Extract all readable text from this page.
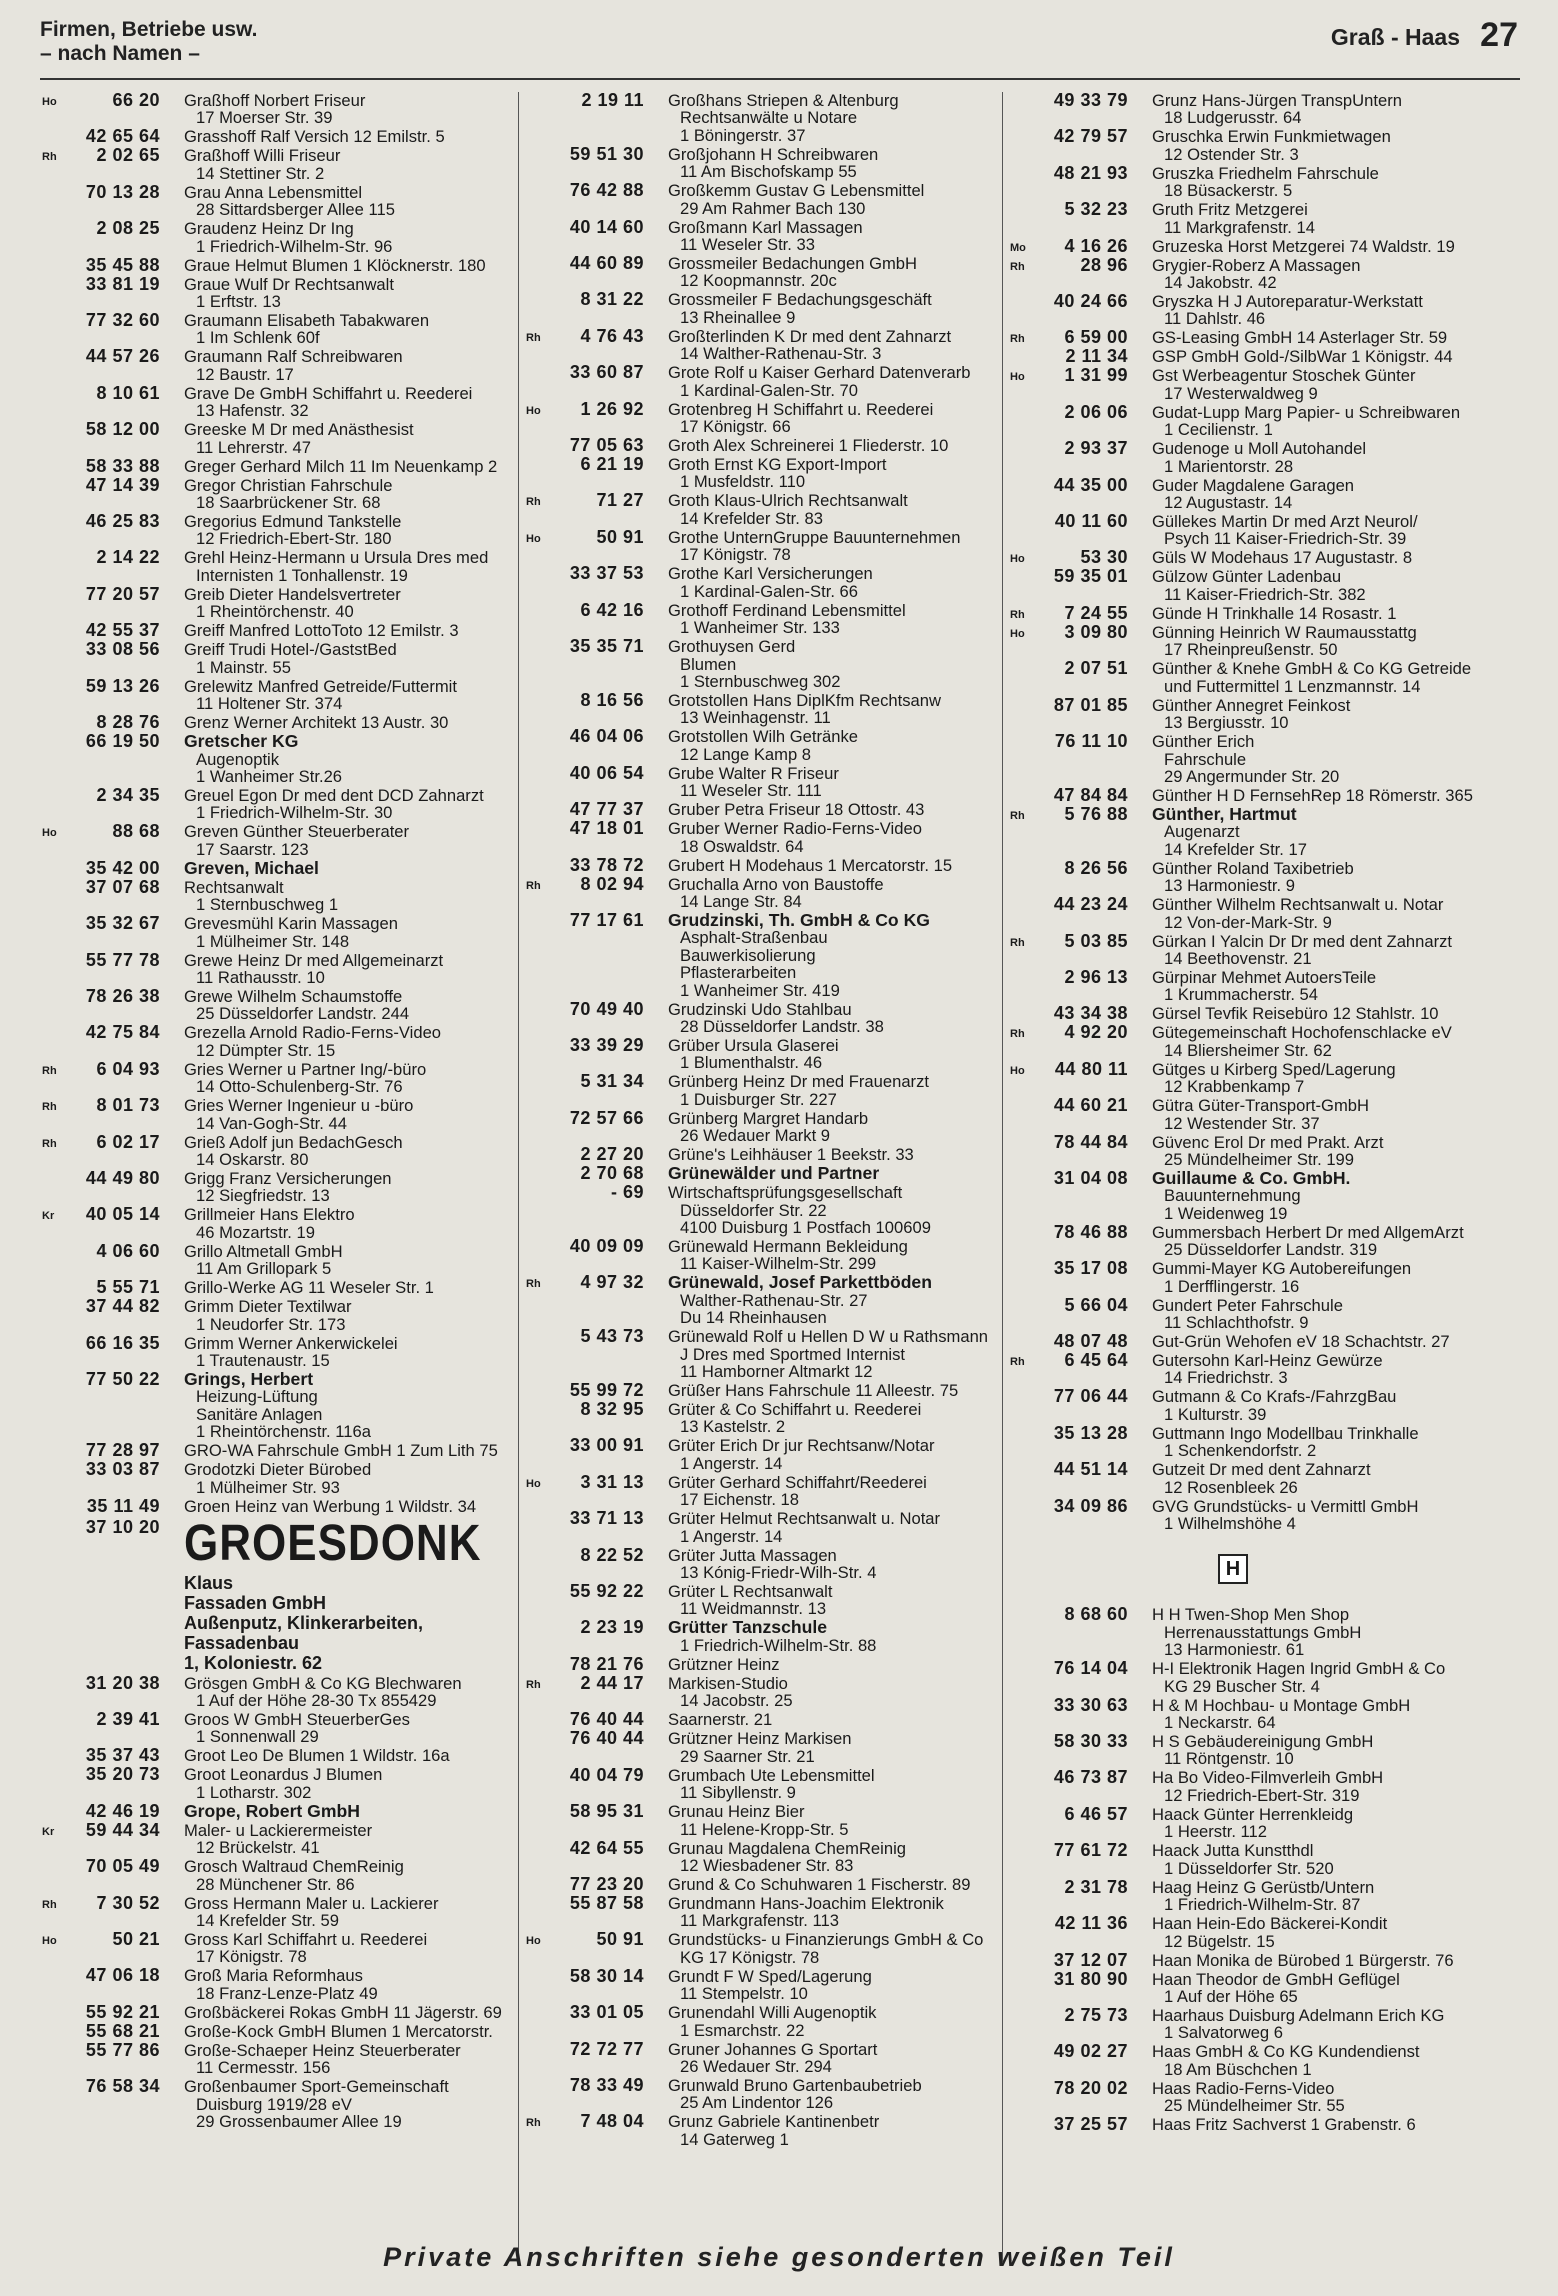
Firmen, Betriebe usw.
– nach Namen –
Graß - Haas 27
Ho	66 20 Graßhoff Norbert Friseur
17 Moerser Str. 39
42 65 64 Grasshoff Ralf Versich 12 Emilstr. 5
Rh	2 02 65 Graßhoff Willi Friseur
14 Stettiner Str. 2
70 13 28 Grau Anna Lebensmittel
28 Sittardsberger Allee 115
2 08 25 Graudenz Heinz Dr Ing
1 Friedrich-Wilhelm-Str. 96
35 45 88 Graue Helmut Blumen 1 Klöcknerstr. 180
33 81 19 Graue Wulf Dr Rechtsanwalt
1 Erftstr. 13
77 32 60 Graumann Elisabeth Tabakwaren
1 Im Schlenk 60f
44 57 26 Graumann Ralf Schreibwaren
12 Baustr. 17
8 10 61 Grave De GmbH Schiffahrt u. Reederei
13 Hafenstr. 32
58 12 00 Greeske M Dr med Anästhesist
11 Lehrerstr. 47
58 33 88 Greger Gerhard Milch 11 Im Neuenkamp 2
47 14 39 Gregor Christian Fahrschule
18 Saarbrückener Str. 68
46 25 83 Gregorius Edmund Tankstelle
12 Friedrich-Ebert-Str. 180
2 14 22 Grehl Heinz-Hermann u Ursula Dres med
Internisten 1 Tonhallenstr. 19
77 20 57 Greib Dieter Handelsvertreter
1 Rheintörchenstr. 40
42 55 37 Greiff Manfred LottoToto 12 Emilstr. 3
33 08 56 Greiff Trudi Hotel-/GaststBed
1 Mainstr. 55
59 13 26 Grelewitz Manfred Getreide/Futtermit
11 Holtener Str. 374
8 28 76 Grenz Werner Architekt 13 Austr. 30
66 19 50 Gretscher KG
Augenoptik
1 Wanheimer Str.26
2 34 35 Greuel Egon Dr med dent DCD Zahnarzt
1 Friedrich-Wilhelm-Str. 30
Ho	88 68 Greven Günther Steuerberater
17 Saarstr. 123
35 42 00 Greven, Michael
37 07 68 Rechtsanwalt
1 Sternbuschweg 1
35 32 67 Grevesmühl Karin Massagen
1 Mülheimer Str. 148
55 77 78 Grewe Heinz Dr med Allgemeinarzt
11 Rathausstr. 10
78 26 38 Grewe Wilhelm Schaumstoffe
25 Düsseldorfer Landstr. 244
42 75 84 Grezella Arnold Radio-Ferns-Video
12 Dümpter Str. 15
Rh	6 04 93 Gries Werner u Partner Ing/-büro
14 Otto-Schulenberg-Str. 76
Rh	8 01 73 Gries Werner Ingenieur u -büro
14 Van-Gogh-Str. 44
Rh	6 02 17 Grieß Adolf jun BedachGesch
14 Oskarstr. 80
44 49 80 Grigg Franz Versicherungen
12 Siegfriedstr. 13
Kr	40 05 14 Grillmeier Hans Elektro
46 Mozartstr. 19
4 06 60 Grillo Altmetall GmbH
11 Am Grillopark 5
5 55 71 Grillo-Werke AG 11 Weseler Str. 1
37 44 82 Grimm Dieter Textilwar
1 Neudorfer Str. 173
66 16 35 Grimm Werner Ankerwickelei
1 Trautenaustr. 15
77 50 22 Grings, Herbert
Heizung-Lüftung
Sanitäre Anlagen
1 Rheintörchenstr. 116a
77 28 97 GRO-WA Fahrschule GmbH 1 Zum Lith 75
33 03 87 Grodotzki Dieter Bürobed
1 Mülheimer Str. 93
35 11 49 Groen Heinz van Werbung 1 Wildstr. 34
37 10 20 GROESDONK
Klaus
Fassaden GmbH
Außenputz, Klinkerarbeiten,
Fassadenbau
1, Koloniestr. 62
31 20 38 Grösgen GmbH & Co KG Blechwaren
1 Auf der Höhe 28-30 Tx 855429
2 39 41 Groos W GmbH SteuerberGes
1 Sonnenwall 29
35 37 43 Groot Leo De Blumen 1 Wildstr. 16a
35 20 73 Groot Leonardus J Blumen
1 Lotharstr. 302
42 46 19 Grope, Robert GmbH
Kr	59 44 34 Maler- u Lackierermeister
12 Brückelstr. 41
70 05 49 Grosch Waltraud ChemReinig
28 Münchener Str. 86
Rh	7 30 52 Gross Hermann Maler u. Lackierer
14 Krefelder Str. 59
Ho	50 21 Gross Karl Schiffahrt u. Reederei
17 Königstr. 78
47 06 18 Groß Maria Reformhaus
18 Franz-Lenze-Platz 49
55 92 21 Großbäckerei Rokas GmbH 11 Jägerstr. 69
55 68 21 Große-Kock GmbH Blumen 1 Mercatorstr.
55 77 86 Große-Schaeper Heinz Steuerberater
11 Cermesstr. 156
76 58 34 Großenbaumer Sport-Gemeinschaft
Duisburg 1919/28 eV
29 Grossenbaumer Allee 19
2 19 11 Großhans Striepen & Altenburg
Rechtsanwälte u Notare
1 Böningerstr. 37
59 51 30 Großjohann H Schreibwaren
11 Am Bischofskamp 55
76 42 88 Großkemm Gustav G Lebensmittel
29 Am Rahmer Bach 130
40 14 60 Großmann Karl Massagen
11 Weseler Str. 33
44 60 89 Grossmeiler Bedachungen GmbH
12 Koopmannstr. 20c
8 31 22 Grossmeiler F Bedachungsgeschäft
13 Rheinallee 9
Rh	4 76 43 Großterlinden K Dr med dent Zahnarzt
14 Walther-Rathenau-Str. 3
33 60 87 Grote Rolf u Kaiser Gerhard Datenverarb
1 Kardinal-Galen-Str. 70
Ho	1 26 92 Grotenbreg H Schiffahrt u. Reederei
17 Königstr. 66
77 05 63 Groth Alex Schreinerei 1 Fliederstr. 10
6 21 19 Groth Ernst KG Export-Import
1 Musfeldstr. 110
Rh	71 27 Groth Klaus-Ulrich Rechtsanwalt
14 Krefelder Str. 83
Ho	50 91 Grothe UnternGruppe Bauunternehmen
17 Königstr. 78
33 37 53 Grothe Karl Versicherungen
1 Kardinal-Galen-Str. 66
6 42 16 Grothoff Ferdinand Lebensmittel
1 Wanheimer Str. 133
35 35 71 Grothuysen Gerd
Blumen
1 Sternbuschweg 302
8 16 56 Grotstollen Hans DiplKfm Rechtsanw
13 Weinhagenstr. 11
46 04 06 Grotstollen Wilh Getränke
12 Lange Kamp 8
40 06 54 Grube Walter R Friseur
11 Weseler Str. 111
47 77 37 Gruber Petra Friseur 18 Ottostr. 43
47 18 01 Gruber Werner Radio-Ferns-Video
18 Oswaldstr. 64
33 78 72 Grubert H Modehaus 1 Mercatorstr. 15
Rh	8 02 94 Gruchalla Arno von Baustoffe
14 Lange Str. 84
77 17 61 Grudzinski, Th. GmbH & Co KG
Asphalt-Straßenbau
Bauwerkisolierung
Pflasterarbeiten
1 Wanheimer Str. 419
70 49 40 Grudzinski Udo Stahlbau
28 Düsseldorfer Landstr. 38
33 39 29 Grüber Ursula Glaserei
1 Blumenthalstr. 46
5 31 34 Grünberg Heinz Dr med Frauenarzt
1 Duisburger Str. 227
72 57 66 Grünberg Margret Handarb
26 Wedauer Markt 9
2 27 20 Grüne's Leihhäuser 1 Beekstr. 33
2 70 68 Grünewälder und Partner
- 69 Wirtschaftsprüfungsgesellschaft
Düsseldorfer Str. 22
4100 Duisburg 1 Postfach 100609
40 09 09 Grünewald Hermann Bekleidung
11 Kaiser-Wilhelm-Str. 299
Rh	4 97 32 Grünewald, Josef Parkettböden
Walther-Rathenau-Str. 27
Du 14 Rheinhausen
5 43 73 Grünewald Rolf u Hellen D W u Rathsmann
J Dres med Sportmed Internist
11 Hamborner Altmarkt 12
55 99 72 Grüßer Hans Fahrschule 11 Alleestr. 75
8 32 95 Grüter & Co Schiffahrt u. Reederei
13 Kastelstr. 2
33 00 91 Grüter Erich Dr jur Rechtsanw/Notar
1 Angerstr. 14
Ho	3 31 13 Grüter Gerhard Schiffahrt/Reederei
17 Eichenstr. 18
33 71 13 Grüter Helmut Rechtsanwalt u. Notar
1 Angerstr. 14
8 22 52 Grüter Jutta Massagen
13 Kónig-Friedr-Wilh-Str. 4
55 92 22 Grüter L Rechtsanwalt
11 Weidmannstr. 13
2 23 19 Grütter Tanzschule
1 Friedrich-Wilhelm-Str. 88
78 21 76 Grützner Heinz
Rh	2 44 17 Markisen-Studio
14 Jacobstr. 25
76 40 44 Saarnerstr. 21
76 40 44 Grützner Heinz Markisen
29 Saarner Str. 21
40 04 79 Grumbach Ute Lebensmittel
11 Sibyllenstr. 9
58 95 31 Grunau Heinz Bier
11 Helene-Kropp-Str. 5
42 64 55 Grunau Magdalena ChemReinig
12 Wiesbadener Str. 83
77 23 20 Grund & Co Schuhwaren 1 Fischerstr. 89
55 87 58 Grundmann Hans-Joachim Elektronik
11 Markgrafenstr. 113
Ho	50 91 Grundstücks- u Finanzierungs GmbH & Co
KG 17 Königstr. 78
58 30 14 Grundt F W Sped/Lagerung
11 Stempelstr. 10
33 01 05 Grunendahl Willi Augenoptik
1 Esmarchstr. 22
72 72 77 Gruner Johannes G Sportart
26 Wedauer Str. 294
78 33 49 Grunwald Bruno Gartenbaubetrieb
25 Am Lindentor 126
Rh	7 48 04 Grunz Gabriele Kantinenbetr
14 Gaterweg 1
49 33 79 Grunz Hans-Jürgen TranspUntern
18 Ludgerusstr. 64
42 79 57 Gruschka Erwin Funkmietwagen
12 Ostender Str. 3
48 21 93 Gruszka Friedhelm Fahrschule
18 Büsackerstr. 5
5 32 23 Gruth Fritz Metzgerei
11 Markgrafenstr. 14
Mo	4 16 26 Gruzeska Horst Metzgerei 74 Waldstr. 19
Rh	28 96 Grygier-Roberz A Massagen
14 Jakobstr. 42
40 24 66 Gryszka H J Autoreparatur-Werkstatt
11 Dahlstr. 46
Rh	6 59 00 GS-Leasing GmbH 14 Asterlager Str. 59
2 11 34 GSP GmbH Gold-/SilbWar 1 Königstr. 44
Ho	1 31 99 Gst Werbeagentur Stoschek Günter
17 Westerwaldweg 9
2 06 06 Gudat-Lupp Marg Papier- u Schreibwaren
1 Cecilienstr. 1
2 93 37 Gudenoge u Moll Autohandel
1 Marientorstr. 28
44 35 00 Guder Magdalene Garagen
12 Augustastr. 14
40 11 60 Güllekes Martin Dr med Arzt Neurol/
Psych 11 Kaiser-Friedrich-Str. 39
Ho	53 30 Güls W Modehaus 17 Augustastr. 8
59 35 01 Gülzow Günter Ladenbau
11 Kaiser-Friedrich-Str. 382
Rh	7 24 55 Günde H Trinkhalle 14 Rosastr. 1
Ho	3 09 80 Günning Heinrich W Raumausstattg
17 Rheinpreußenstr. 50
2 07 51 Günther & Knehe GmbH & Co KG Getreide
und Futtermittel 1 Lenzmannstr. 14
87 01 85 Günther Annegret Feinkost
13 Bergiusstr. 10
76 11 10 Günther Erich
Fahrschule
29 Angermunder Str. 20
47 84 84 Günther H D FernsehRep 18 Römerstr. 365
Rh	5 76 88 Günther, Hartmut
Augenarzt
14 Krefelder Str. 17
8 26 56 Günther Roland Taxibetrieb
13 Harmoniestr. 9
44 23 24 Günther Wilhelm Rechtsanwalt u. Notar
12 Von-der-Mark-Str. 9
Rh	5 03 85 Gürkan I Yalcin Dr Dr med dent Zahnarzt
14 Beethovenstr. 21
2 96 13 Gürpinar Mehmet AutoersTeile
1 Krummacherstr. 54
43 34 38 Gürsel Tevfik Reisebüro 12 Stahlstr. 10
Rh	4 92 20 Gütegemeinschaft Hochofenschlacke eV
14 Bliersheimer Str. 62
Ho	44 80 11 Gütges u Kirberg Sped/Lagerung
12 Krabbenkamp 7
44 60 21 Gütra Güter-Transport-GmbH
12 Westender Str. 37
78 44 84 Güvenc Erol Dr med Prakt. Arzt
25 Mündelheimer Str. 199
31 04 08 Guillaume & Co. GmbH.
Bauunternehmung
1 Weidenweg 19
78 46 88 Gummersbach Herbert Dr med AllgemArzt
25 Düsseldorfer Landstr. 319
35 17 08 Gummi-Mayer KG Autobereifungen
1 Derfflingerstr. 16
5 66 04 Gundert Peter Fahrschule
11 Schlachthofstr. 9
48 07 48 Gut-Grün Wehofen eV 18 Schachtstr. 27
Rh	6 45 64 Gutersohn Karl-Heinz Gewürze
14 Friedrichstr. 3
77 06 44 Gutmann & Co Krafs-/FahrzgBau
1 Kulturstr. 39
35 13 28 Guttmann Ingo Modellbau Trinkhalle
1 Schenkendorfstr. 2
44 51 14 Gutzeit Dr med dent Zahnarzt
12 Rosenbleek 26
34 09 86 GVG Grundstücks- u Vermittl GmbH
1 Wilhelmshöhe 4
H
8 68 60 H H Twen-Shop Men Shop
Herrenausstattungs GmbH
13 Harmoniestr. 61
76 14 04 H-I Elektronik Hagen Ingrid GmbH & Co
KG 29 Buscher Str. 4
33 30 63 H & M Hochbau- u Montage GmbH
1 Neckarstr. 64
58 30 33 H S Gebäudereinigung GmbH
11 Röntgenstr. 10
46 73 87 Ha Bo Video-Filmverleih GmbH
12 Friedrich-Ebert-Str. 319
6 46 57 Haack Günter Herrenkleidg
1 Heerstr. 112
77 61 72 Haack Jutta Kunstthdl
1 Düsseldorfer Str. 520
2 31 78 Haag Heinz G Gerüstb/Untern
1 Friedrich-Wilhelm-Str. 87
42 11 36 Haan Hein-Edo Bäckerei-Kondit
12 Bügelstr. 15
37 12 07 Haan Monika de Bürobed 1 Bürgerstr. 76
31 80 90 Haan Theodor de GmbH Geflügel
1 Auf der Höhe 65
2 75 73 Haarhaus Duisburg Adelmann Erich KG
1 Salvatorweg 6
49 02 27 Haas GmbH & Co KG Kundendienst
18 Am Büschchen 1
78 20 02 Haas Radio-Ferns-Video
25 Mündelheimer Str. 55
37 25 57 Haas Fritz Sachverst 1 Grabenstr. 6
Private Anschriften siehe gesonderten weißen Teil
